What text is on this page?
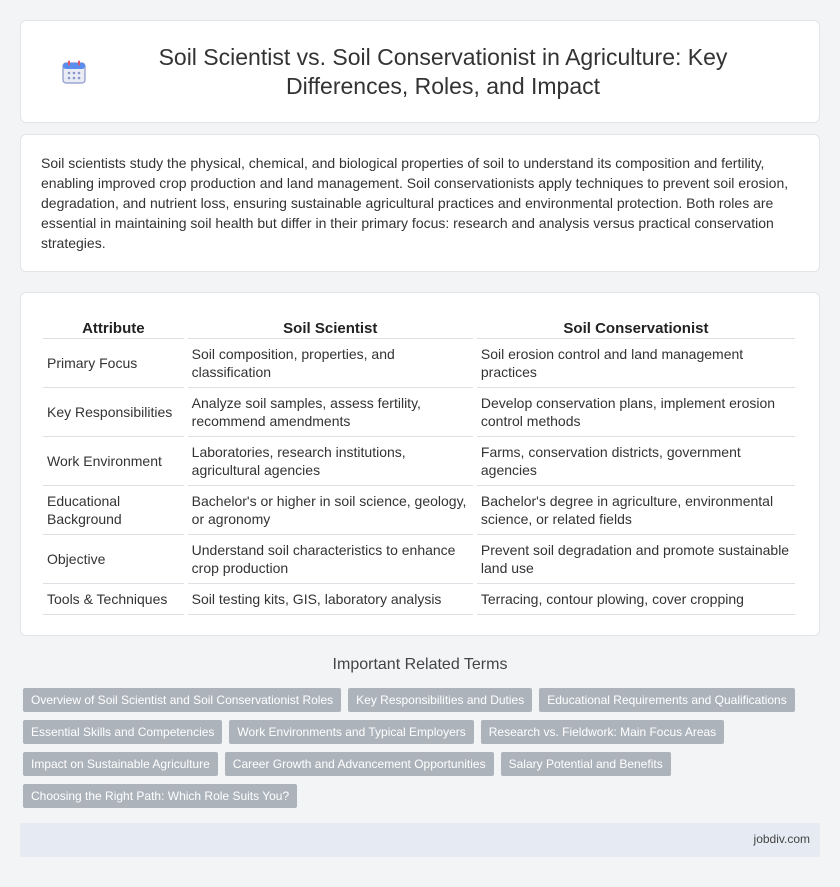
Soil Scientist vs. Soil Conservationist in Agriculture: Key Differences, Roles, and Impact

Soil scientists study the physical, chemical, and biological properties of soil to understand its composition and fertility, enabling improved crop production and land management. Soil conservationists apply techniques to prevent soil erosion, degradation, and nutrient loss, ensuring sustainable agricultural practices and environmental protection. Both roles are essential in maintaining soil health but differ in their primary focus: research and analysis versus practical conservation strategies.

Attribute	Soil Scientist	Soil Conservationist
Primary Focus	Soil composition, properties, and classification	Soil erosion control and land management practices
Key Responsibilities	Analyze soil samples, assess fertility, recommend amendments	Develop conservation plans, implement erosion control methods
Work Environment	Laboratories, research institutions, agricultural agencies	Farms, conservation districts, government agencies
Educational Background	Bachelor's or higher in soil science, geology, or agronomy	Bachelor's degree in agriculture, environmental science, or related fields
Objective	Understand soil characteristics to enhance crop production	Prevent soil degradation and promote sustainable land use
Tools & Techniques	Soil testing kits, GIS, laboratory analysis	Terracing, contour plowing, cover cropping
Important Related Terms
Overview of Soil Scientist and Soil Conservationist Roles	Key Responsibilities and Duties	Educational Requirements and Qualifications
Essential Skills and Competencies	Work Environments and Typical Employers	Research vs. Fieldwork: Main Focus Areas
Impact on Sustainable Agriculture	Career Growth and Advancement Opportunities	Salary Potential and Benefits
Choosing the Right Path: Which Role Suits You?
jobdiv.com
